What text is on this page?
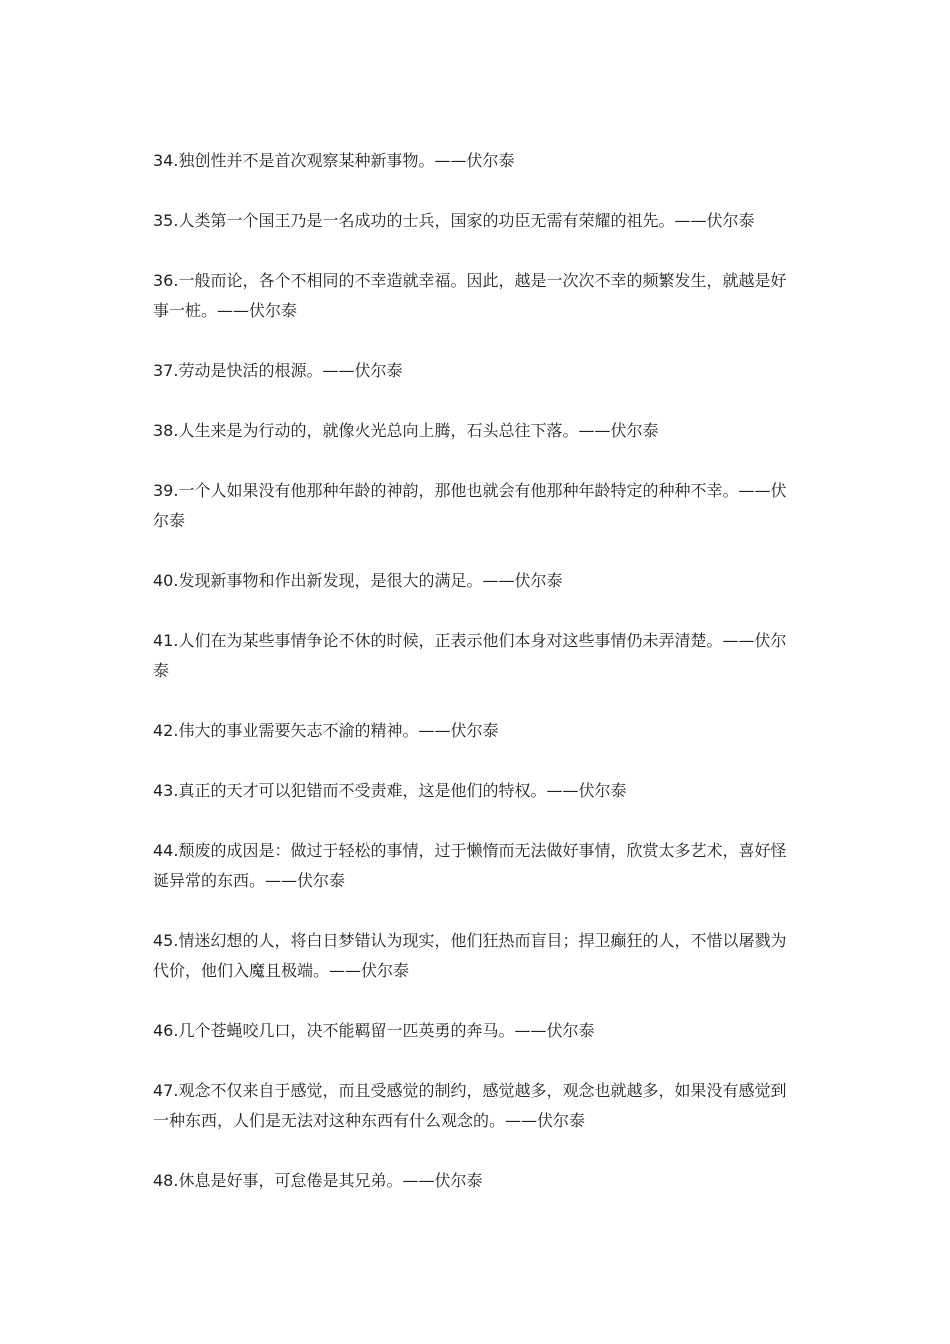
34.独创性并不是首次观察某种新事物。——伏尔泰
35.人类第一个国王乃是一名成功的士兵，国家的功臣无需有荣耀的祖先。——伏尔泰
36.一般而论，各个不相同的不幸造就幸福。因此，越是一次次不幸的频繁发生，就越是好事一桩。——伏尔泰
37.劳动是快活的根源。——伏尔泰
38.人生来是为行动的，就像火光总向上腾，石头总往下落。——伏尔泰
39.一个人如果没有他那种年龄的神韵，那他也就会有他那种年龄特定的种种不幸。——伏尔泰
40.发现新事物和作出新发现，是很大的满足。——伏尔泰
41.人们在为某些事情争论不休的时候，正表示他们本身对这些事情仍未弄清楚。——伏尔泰
42.伟大的事业需要矢志不渝的精神。——伏尔泰
43.真正的天才可以犯错而不受责难，这是他们的特权。——伏尔泰
44.颓废的成因是：做过于轻松的事情，过于懒惰而无法做好事情，欣赏太多艺术，喜好怪诞异常的东西。——伏尔泰
45.情迷幻想的人，将白日梦错认为现实，他们狂热而盲目；捍卫癫狂的人，不惜以屠戮为代价，他们入魔且极端。——伏尔泰
46.几个苍蝇咬几口，决不能羁留一匹英勇的奔马。——伏尔泰
47.观念不仅来自于感觉，而且受感觉的制约，感觉越多，观念也就越多，如果没有感觉到一种东西，人们是无法对这种东西有什么观念的。——伏尔泰
48.休息是好事，可怠倦是其兄弟。——伏尔泰
